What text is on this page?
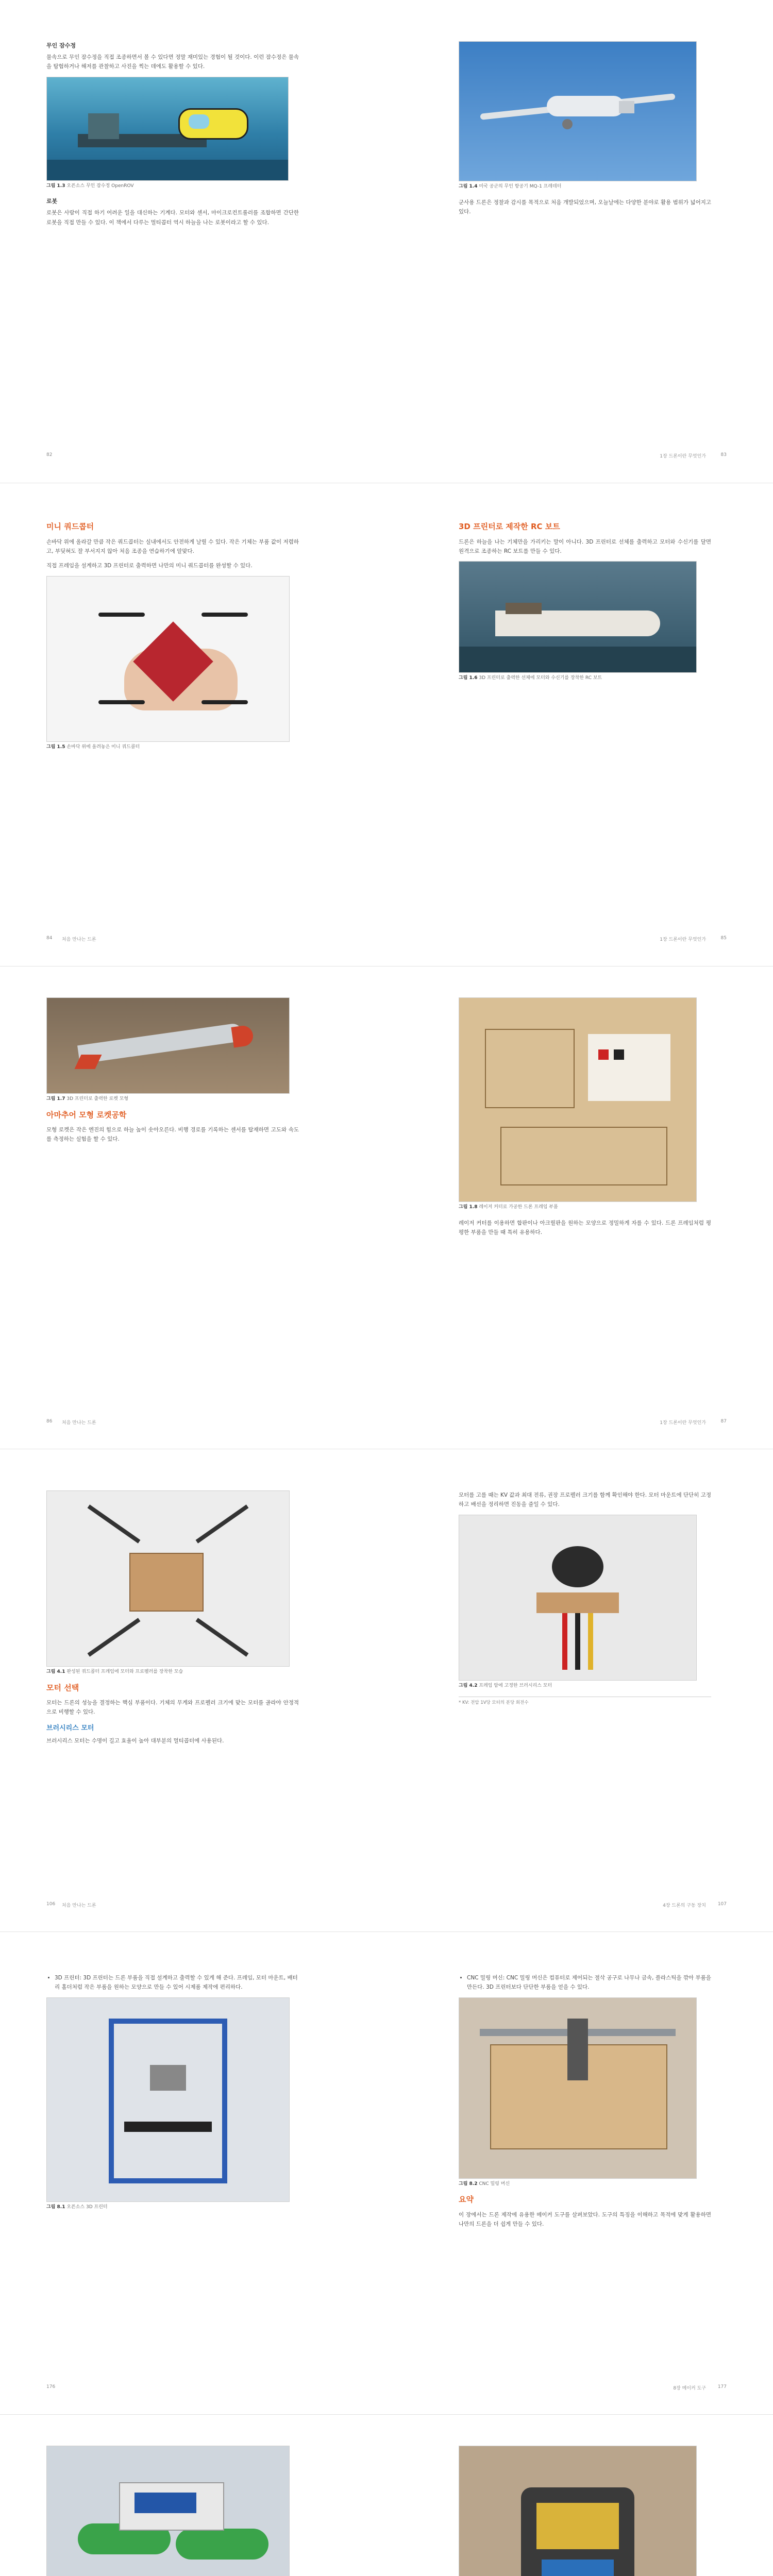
무인 잠수정

물속으로 무인 잠수정을 직접 조종하면서 볼 수 있다면 정말 재미있는 경험이 될 것이다. 이런 잠수정은 물속을 탐험하거나 해저를 관찰하고 사진을 찍는 데에도 활용할 수 있다.

그림 1.3 오픈소스 무인 잠수정 OpenROV
로봇

로봇은 사람이 직접 하기 어려운 일을 대신하는 기계다. 모터와 센서, 마이크로컨트롤러를 조합하면 간단한 로봇을 직접 만들 수 있다. 이 책에서 다루는 멀티콥터 역시 하늘을 나는 로봇이라고 할 수 있다.

82
그림 1.4 미국 공군의 무인 항공기 MQ-1 프레데터

군사용 드론은 정찰과 감시를 목적으로 처음 개발되었으며, 오늘날에는 다양한 분야로 활용 범위가 넓어지고 있다.

1장 드론이란 무엇인가	83
미니 쿼드콥터

손바닥 위에 올라갈 만큼 작은 쿼드콥터는 실내에서도 안전하게 날릴 수 있다. 작은 기체는 부품 값이 저렴하고, 부딪혀도 잘 부서지지 않아 처음 조종을 연습하기에 알맞다.

직접 프레임을 설계하고 3D 프린터로 출력하면 나만의 미니 쿼드콥터를 완성할 수 있다.

그림 1.5 손바닥 위에 올려놓은 미니 쿼드콥터
처음 만나는 드론
84
3D 프린터로 제작한 RC 보트

드론은 하늘을 나는 기체만을 가리키는 말이 아니다. 3D 프린터로 선체를 출력하고 모터와 수신기를 달면 원격으로 조종하는 RC 보트를 만들 수 있다.

그림 1.6 3D 프린터로 출력한 선체에 모터와 수신기를 장착한 RC 보트
1장 드론이란 무엇인가	85
그림 1.7 3D 프린터로 출력한 로켓 모형
아마추어 모형 로켓공학

모형 로켓은 작은 엔진의 힘으로 하늘 높이 솟아오른다. 비행 경로를 기록하는 센서를 탑재하면 고도와 속도를 측정하는 실험을 할 수 있다.

처음 만나는 드론
86
그림 1.8 레이저 커터로 가공한 드론 프레임 부품

레이저 커터를 이용하면 합판이나 아크릴판을 원하는 모양으로 정밀하게 자를 수 있다. 드론 프레임처럼 평평한 부품을 만들 때 특히 유용하다.

1장 드론이란 무엇인가	87
그림 4.1 완성된 쿼드콥터 프레임에 모터와 프로펠러를 장착한 모습
모터 선택

모터는 드론의 성능을 결정하는 핵심 부품이다. 기체의 무게와 프로펠러 크기에 맞는 모터를 골라야 안정적으로 비행할 수 있다.

브러시리스 모터

브러시리스 모터는 수명이 길고 효율이 높아 대부분의 멀티콥터에 사용된다.

처음 만나는 드론
106

모터를 고를 때는 KV 값과 최대 전류, 권장 프로펠러 크기를 함께 확인해야 한다. 모터 마운트에 단단히 고정하고 배선을 정리하면 진동을 줄일 수 있다.

그림 4.2 프레임 암에 고정한 브러시리스 모터
* KV: 전압 1V당 모터의 분당 회전수
4장 드론의 구동 장치	107
• 3D 프린터: 3D 프린터는 드론 부품을 직접 설계하고 출력할 수 있게 해 준다. 프레임, 모터 마운트, 배터리 홀더처럼 작은 부품을 원하는 모양으로 만들 수 있어 시제품 제작에 편리하다.
그림 8.1 오픈소스 3D 프린터
176
• CNC 밀링 머신: CNC 밀링 머신은 컴퓨터로 제어되는 절삭 공구로 나무나 금속, 플라스틱을 깎아 부품을 만든다. 3D 프린터보다 단단한 부품을 얻을 수 있다.
그림 8.2 CNC 밀링 머신
요약

이 장에서는 드론 제작에 유용한 메이커 도구를 살펴보았다. 도구의 특징을 이해하고 목적에 맞게 활용하면 나만의 드론을 더 쉽게 만들 수 있다.

8장 메이커 도구	177
